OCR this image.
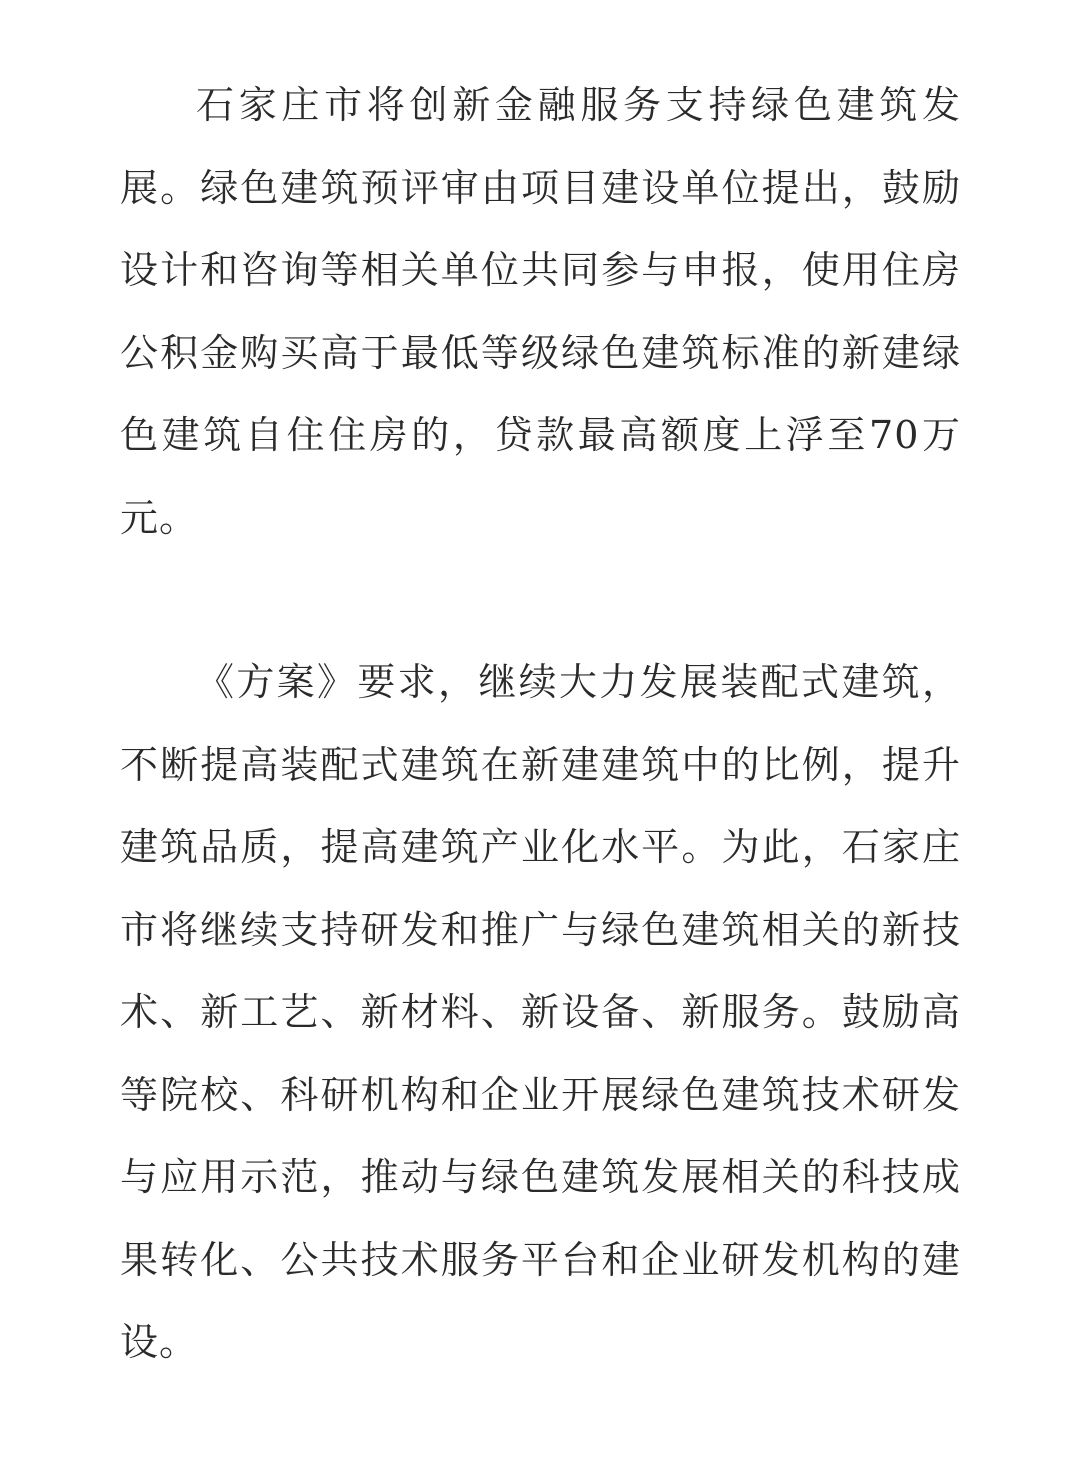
石家庄市将创新金融服务支持绿色建筑发展。绿色建筑预评审由项目建设单位提出，鼓励设计和咨询等相关单位共同参与申报，使用住房公积金购买高于最低等级绿色建筑标准的新建绿色建筑自住住房的，贷款最高额度上浮至70万元。

《方案》要求，继续大力发展装配式建筑，不断提高装配式建筑在新建建筑中的比例，提升建筑品质，提高建筑产业化水平。为此，石家庄市将继续支持研发和推广与绿色建筑相关的新技术、新工艺、新材料、新设备、新服务。鼓励高等院校、科研机构和企业开展绿色建筑技术研发与应用示范，推动与绿色建筑发展相关的科技成果转化、公共技术服务平台和企业研发机构的建设。
